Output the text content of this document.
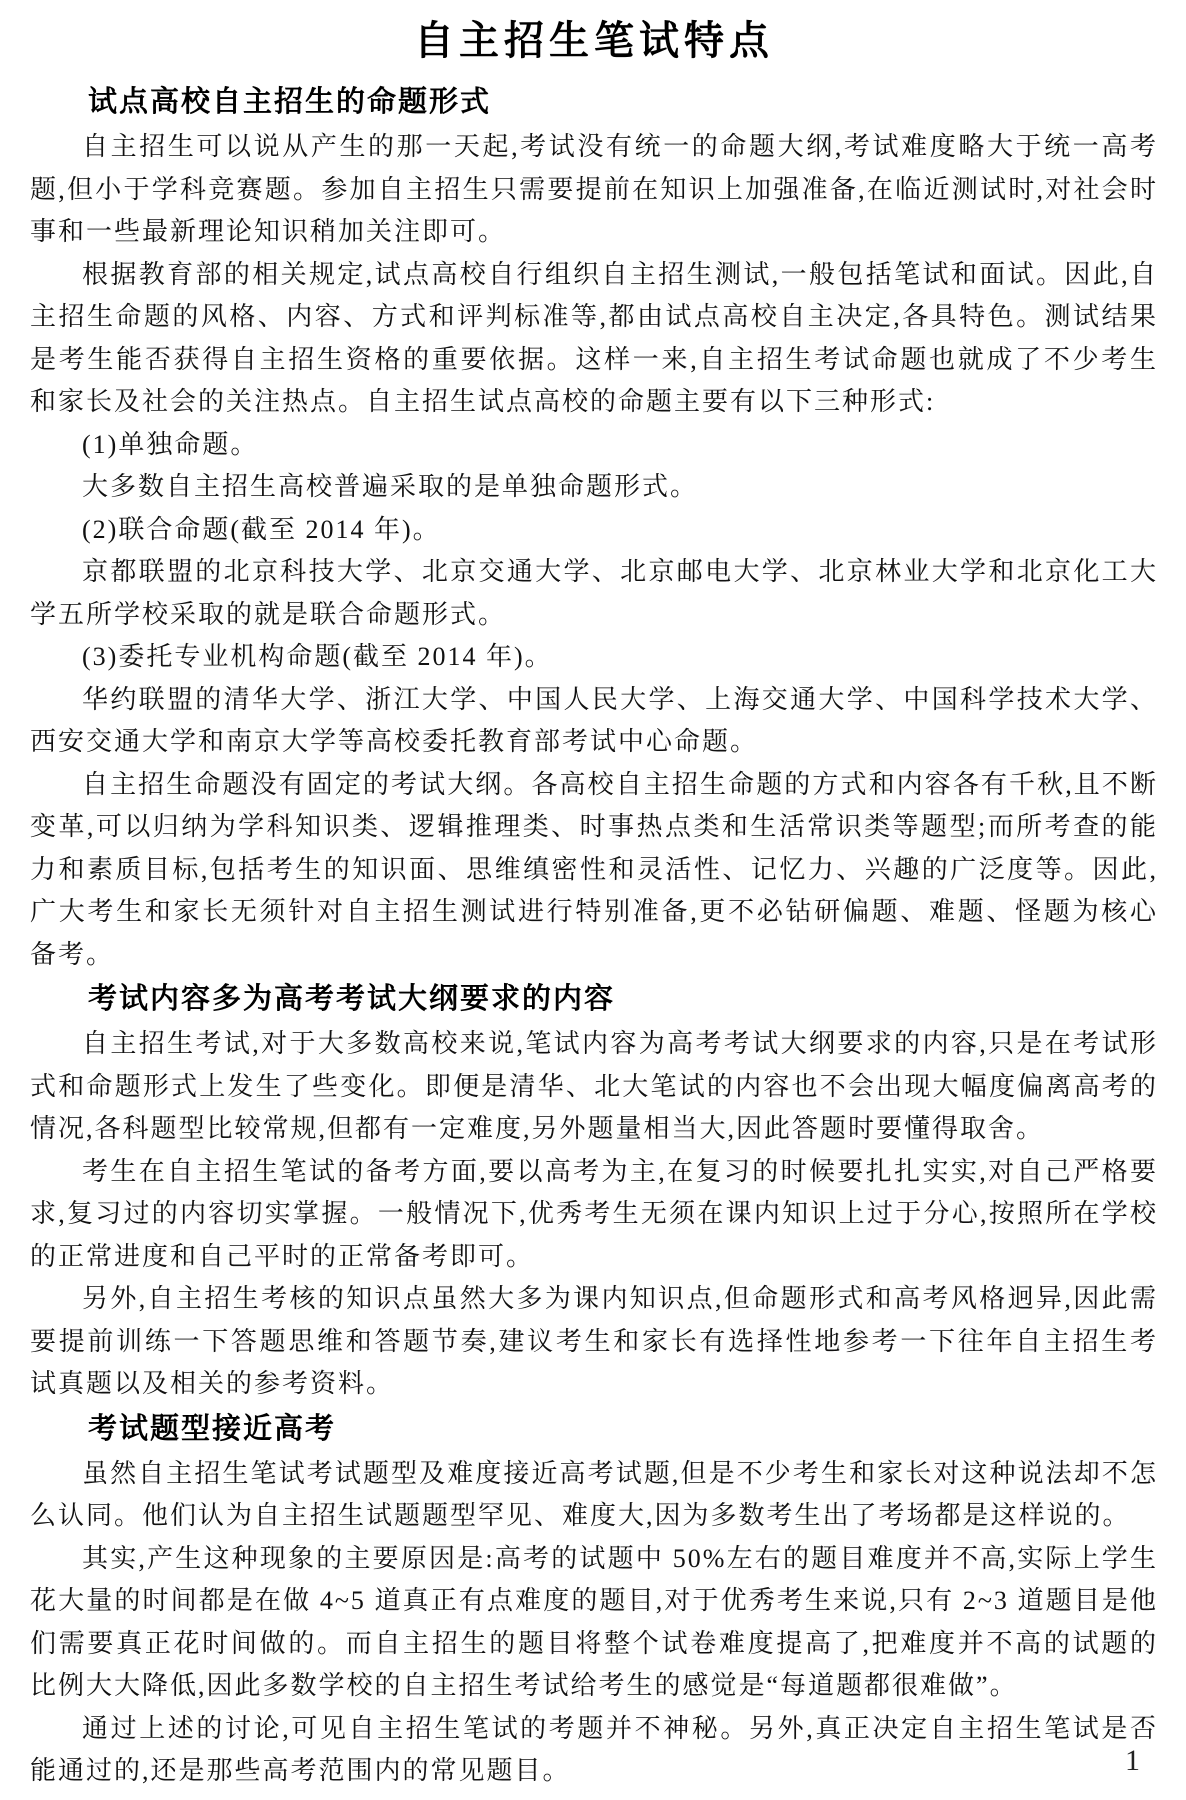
自主招生笔试特点
试点高校自主招生的命题形式

自主招生可以说从产生的那一天起,考试没有统一的命题大纲,考试难度略大于统一高考题,但小于学科竞赛题。参加自主招生只需要提前在知识上加强准备,在临近测试时,对社会时事和一些最新理论知识稍加关注即可。

根据教育部的相关规定,试点高校自行组织自主招生测试,一般包括笔试和面试。因此,自主招生命题的风格、内容、方式和评判标准等,都由试点高校自主决定,各具特色。测试结果是考生能否获得自主招生资格的重要依据。这样一来,自主招生考试命题也就成了不少考生和家长及社会的关注热点。自主招生试点高校的命题主要有以下三种形式:

(1)单独命题。

大多数自主招生高校普遍采取的是单独命题形式。

(2)联合命题(截至 2014 年)。

京都联盟的北京科技大学、北京交通大学、北京邮电大学、北京林业大学和北京化工大学五所学校采取的就是联合命题形式。

(3)委托专业机构命题(截至 2014 年)。

华约联盟的清华大学、浙江大学、中国人民大学、上海交通大学、中国科学技术大学、西安交通大学和南京大学等高校委托教育部考试中心命题。

自主招生命题没有固定的考试大纲。各高校自主招生命题的方式和内容各有千秋,且不断变革,可以归纳为学科知识类、逻辑推理类、时事热点类和生活常识类等题型;而所考查的能力和素质目标,包括考生的知识面、思维缜密性和灵活性、记忆力、兴趣的广泛度等。因此,广大考生和家长无须针对自主招生测试进行特别准备,更不必钻研偏题、难题、怪题为核心备考。

考试内容多为高考考试大纲要求的内容

自主招生考试,对于大多数高校来说,笔试内容为高考考试大纲要求的内容,只是在考试形式和命题形式上发生了些变化。即便是清华、北大笔试的内容也不会出现大幅度偏离高考的情况,各科题型比较常规,但都有一定难度,另外题量相当大,因此答题时要懂得取舍。

考生在自主招生笔试的备考方面,要以高考为主,在复习的时候要扎扎实实,对自己严格要求,复习过的内容切实掌握。一般情况下,优秀考生无须在课内知识上过于分心,按照所在学校的正常进度和自己平时的正常备考即可。

另外,自主招生考核的知识点虽然大多为课内知识点,但命题形式和高考风格迥异,因此需要提前训练一下答题思维和答题节奏,建议考生和家长有选择性地参考一下往年自主招生考试真题以及相关的参考资料。

考试题型接近高考

虽然自主招生笔试考试题型及难度接近高考试题,但是不少考生和家长对这种说法却不怎么认同。他们认为自主招生试题题型罕见、难度大,因为多数考生出了考场都是这样说的。

其实,产生这种现象的主要原因是:高考的试题中 50%左右的题目难度并不高,实际上学生花大量的时间都是在做 4~5 道真正有点难度的题目,对于优秀考生来说,只有 2~3 道题目是他们需要真正花时间做的。而自主招生的题目将整个试卷难度提高了,把难度并不高的试题的比例大大降低,因此多数学校的自主招生考试给考生的感觉是“每道题都很难做”。

通过上述的讨论,可见自主招生笔试的考题并不神秘。另外,真正决定自主招生笔试是否能通过的,还是那些高考范围内的常见题目。	1
